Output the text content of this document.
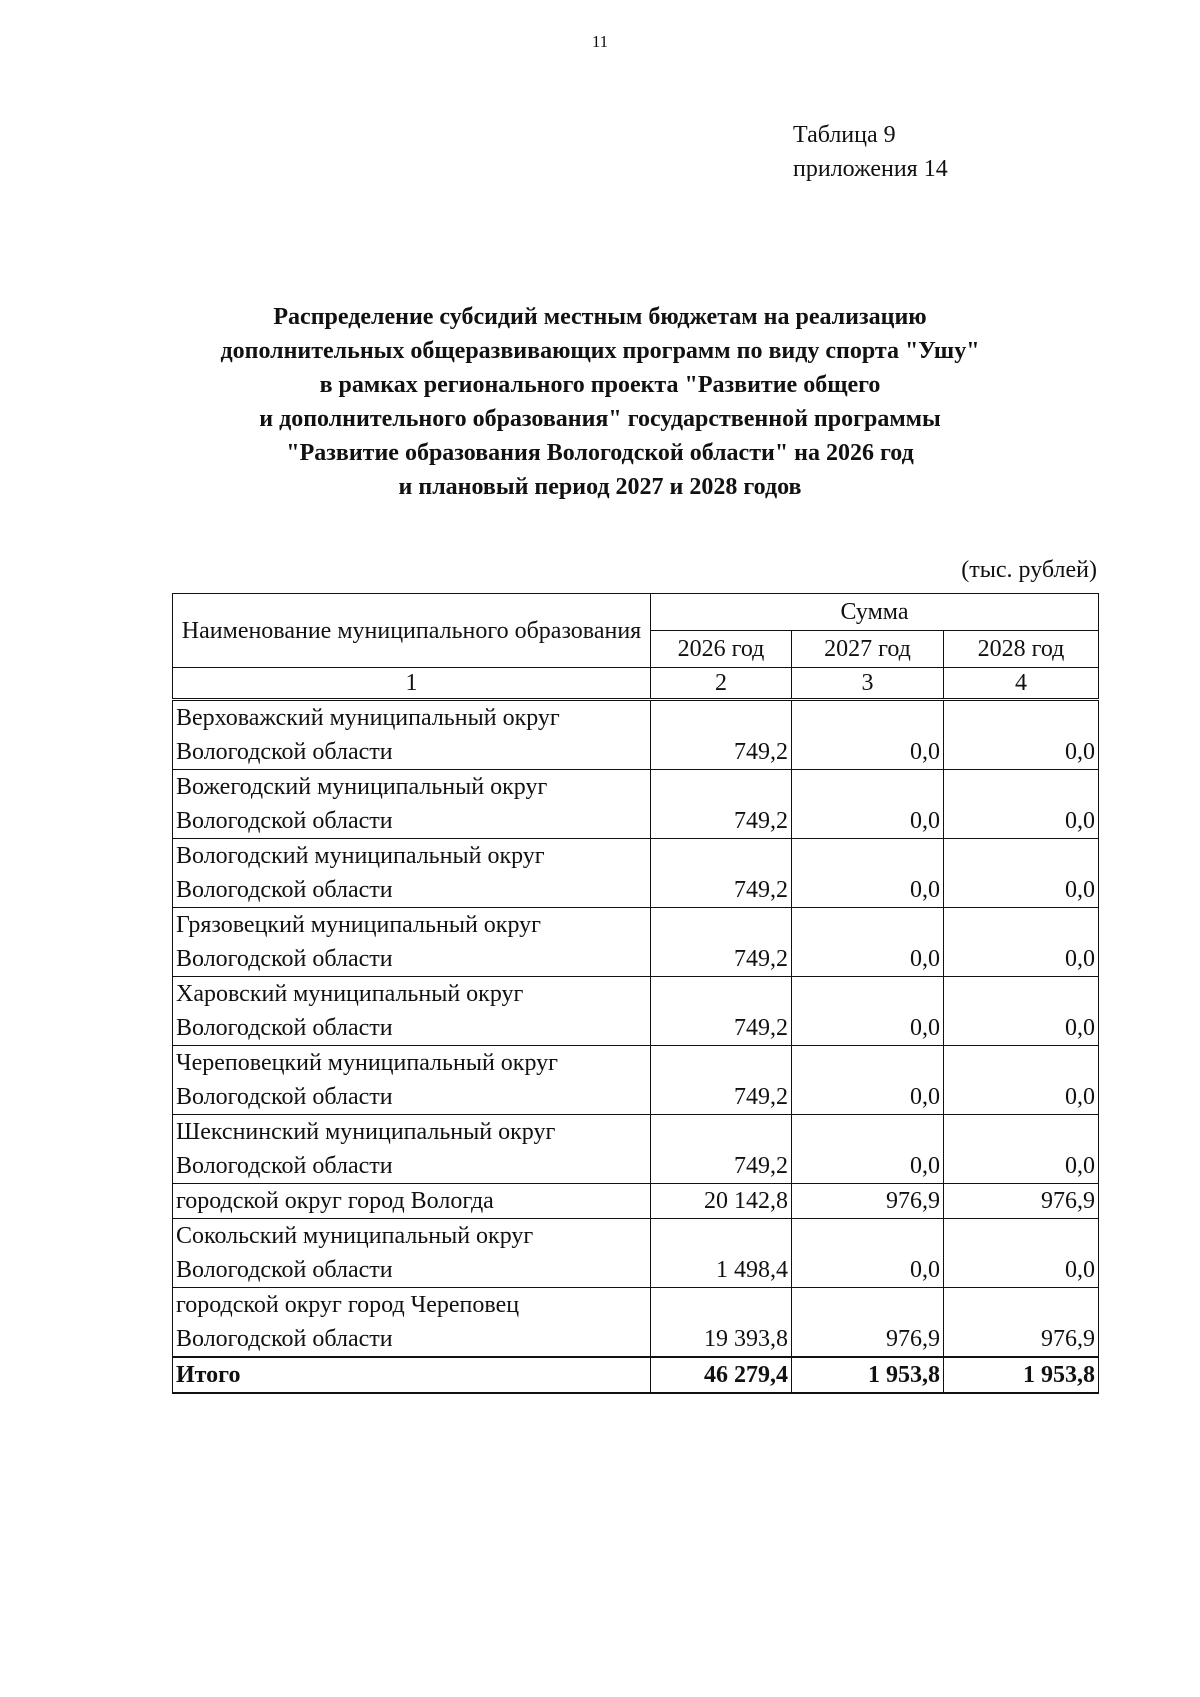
11
Таблица 9
приложения 14
Распределение субсидий местным бюджетам на реализацию
дополнительных общеразвивающих программ по виду спорта "Ушу"
в рамках регионального проекта "Развитие общего
и дополнительного образования" государственной программы
"Развитие образования Вологодской области" на 2026 год
и плановый период 2027 и 2028 годов
(тыс. рублей)
Наименование муниципального образования	Сумма		
	2026 год	2027 год	2028 год
1	2	3	4

Верховажский муниципальный округ
Вологодской области	749,2	0,0	0,0

Вожегодский муниципальный округ
Вологодской области	749,2	0,0	0,0

Вологодский муниципальный округ
Вологодской области	749,2	0,0	0,0

Грязовецкий муниципальный округ
Вологодской области	749,2	0,0	0,0

Харовский муниципальный округ
Вологодской области	749,2	0,0	0,0

Череповецкий муниципальный округ
Вологодской области	749,2	0,0	0,0

Шекснинский муниципальный округ
Вологодской области	749,2	0,0	0,0

городской округ город Вологда	20 142,8	976,9	976,9

Сокольский муниципальный округ
Вологодской области	1 498,4	0,0	0,0

городской округ город Череповец
Вологодской области	19 393,8	976,9	976,9
Итого	46 279,4	1 953,8	1 953,8
